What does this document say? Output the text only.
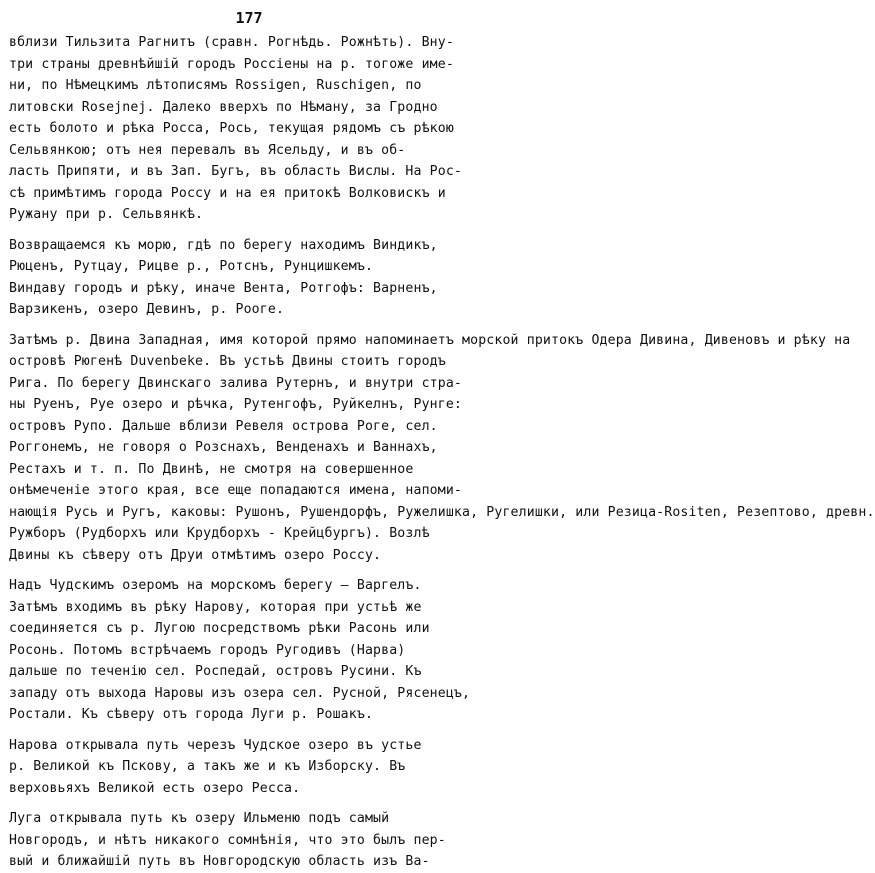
177
вблизи Тильзита Рагнитъ (сравн. Рогнѣдь. Рожнѣть). Вну-
три страны древнѣйшій городъ Россіены на р. тогоже име-
ни, по Нѣмецкимъ лѣтописямъ Rossigen, Ruschigen, по
литовски Rosejnej. Далеко вверхъ по Нѣману, за Гродно
есть болото и рѣка Росса, Рось, текущая рядомъ съ рѣкою
Сельвянкою; отъ нея перевалъ въ Ясельду, и въ об-
ласть Припяти, и въ Зап. Бугъ, въ область Вислы. На Рос-
сѣ примѣтимъ города Россу и на ея притокѣ Волковискъ и
Ружану при р. Сельвянкѣ.
Возвращаемся къ морю, гдѣ по берегу находимъ Виндикъ,
Рюценъ, Рутцау, Рицве р., Ротснъ, Рунцишкемъ.
Виндаву городъ и рѣку, иначе Вента, Ротгофъ: Варненъ,
Варзикенъ, озеро Девинъ, р. Рооге.
Затѣмъ р. Двина Западная, имя которой прямо напоминаетъ морской притокъ Одера Дивина, Дивеновъ и рѣку на
островѣ Рюгенѣ Duvenbeke. Въ устьѣ Двины стоитъ городъ
Рига. По берегу Двинскаго залива Рутернъ, и внутри стра-
ны Руенъ, Руе озеро и рѣчка, Рутенгофъ, Руйкелнъ, Рунге:
островъ Рупо. Дальше вблизи Ревеля острова Роге, сел.
Роггонемъ, не говоря о Розснахъ, Венденахъ и Ваннахъ,
Рестахъ и т. п. По Двинѣ, не смотря на совершенное
онѣмеченіе этого края, все еще попадаются имена, напоми-
нающія Русь и Ругъ, каковы: Рушонъ, Рушендорфъ, Ружелишка, Ругелишки, или Резица-Rositen, Резептово, древн.
Ружборъ (Рудборхъ или Крудборхъ - Крейцбургъ). Возлѣ
Двины къ сѣверу отъ Друи отмѣтимъ озеро Россу.
Надъ Чудскимъ озеромъ на морскомъ берегу — Варгелъ.
Затѣмъ входимъ въ рѣку Нарову, которая при устьѣ же
соединяется съ р. Лугою посредствомъ рѣки Расонь или
Росонь. Потомъ встрѣчаемъ городъ Ругодивъ (Нарва)
дальше по теченію сел. Роспедай, островъ Русини. Къ
западу отъ выхода Наровы изъ озера сел. Русной, Рясенецъ,
Ростали. Къ сѣверу отъ города Луги р. Рошакъ.
Нарова открывала путь черезъ Чудское озеро въ устье
р. Великой къ Пскову, а такъ же и къ Изборску. Въ
верховьяхъ Великой есть озеро Ресса.
Луга открывала путь къ озеру Ильменю подъ самый
Новгородъ, и нѣтъ никакого сомнѣнія, что это былъ пер-
вый и ближайшій путь въ Новгородскую область изъ Ва-
